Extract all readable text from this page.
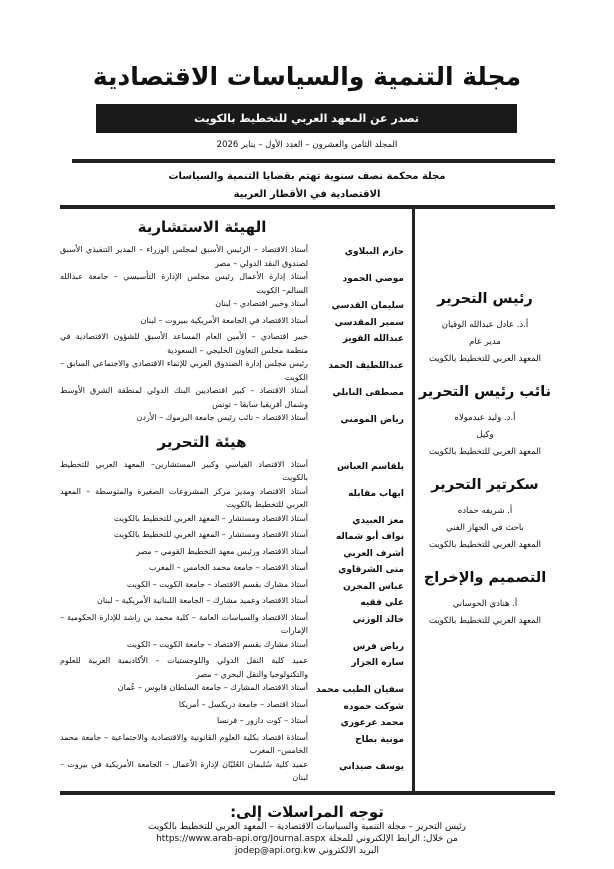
مجلة التنمية والسياسات الاقتصادية
تصدر عن المعهد العربي للتخطيط بالكويت
المجلد الثامن والعشرون – العدد الأول – يناير 2026
مجلة محكمة نصف سنوية تهتم بقضايا التنمية والسياسات
الاقتصادية في الأقطار العربية
رئيس التحرير
أ.د. عادل عبدالله الوقيان
مدير عام
المعهد العربي للتخطيط بالكويت
نائب رئيس التحرير
أ.د. وليد عبدمولاه
وكيل
المعهد العربي للتخطيط بالكويت
سكرتير التحرير
أ. شريفه حماده
باحث في الجهاز الفني
المعهد العربي للتخطيط بالكويت
التصميم والإخراج
أ. هنادي الحوساني
المعهد العربي للتخطيط بالكويت
الهيئة الاستشارية
حازم الببلاوي
أستاذ الاقتصاد – الرئيس الأسبق لمجلس الوزراء – المدير التنفيذي الأسبق لصندوق النقد الدولي – مصر
موضي الحمود
أستاذ إدارة الأعمال رئيس مجلس الإدارة التأسيسي – جامعة عبدالله السالم– الكويت
سليمان القدسي
أستاذ وخبير اقتصادي – لبنان
سمير المقدسي
أستاذ الاقتصاد في الجامعة الأمريكية ببيروت – لبنان
عبدالله القويز
خبير اقتصادي – الأمين العام المساعد الأسبق للشؤون الاقتصادية في منظمة مجلس التعاون الخليجي – السعودية
عبداللطيف الحمد
رئيس مجلس إدارة الصندوق العربي للإنماء الاقتصادي والاجتماعي السابق – الكويت
مصطفى النابلي
أستاذ الاقتصاد – كبير اقتصاديين البنك الدولي لمنطقة الشرق الأوسط وشمال أفريقيا سابقا – تونس
رياض المومني
أستاذ الاقتصاد – نائب رئيس جامعة اليرموك – الأردن
هيئة التحرير
بلقاسم العباس
أستاذ الاقتصاد القياسي وكبير المستشارين– المعهد العربي للتخطيط بالكويت
ايهاب مقابله
أستاذ الاقتصاد ومدير مركز المشروعات الصغيرة والمتوسطة – المعهد العربي للتخطيط بالكويت
معز العبيدي
أستاذ الاقتصاد ومستشار – المعهد العربي للتخطيط بالكويت
نواف أبو شماله
أستاذ الاقتصاد ومستشار – المعهد العربي للتخطيط بالكويت
أشرف العربي
أستاذ الاقتصاد ورئيس معهد التخطيط القومي – مصر
منى الشرقاوي
أستاذ الاقتصاد – جامعة محمد الخامس – المغرب
عباس المجرن
أستاذ مشارك بقسم الاقتصاد – جامعة الكويت – الكويت
علي فقيه
أستاذ الاقتصاد وعميد مشارك – الجامعة اللبنانية الأمريكية – لبنان
خالد الوزني
أستاذ الاقتصاد والسياسات العامة – كلية محمد بن راشد للإدارة الحكومية – الإمارات
رياض فرس
أستاذ مشارك بقسم الاقتصاد – جامعة الكويت – الكويت
ساره الجزار
عميد كلية النقل الدولي واللوجستيات – الأكاديمية العربية للعلوم والتكنولوجيا والنقل البحري – مصر
سفيان الطيب محمد
أستاذ الاقتصاد المشارك – جامعة السلطان قابوس – عُمان
شوكت حموده
أستاذ اقتصاد – جامعة دريكسل – أمريكا
محمد عرعوري
أستاذ – كوت دازور – فرنسا
مونية بطاح
أستاذة اقتصاد بكلية العلوم القانونية والاقتصادية والاجتماعية – جامعة محمد الخامس– المغرب
يوسف صيداني
عميد كلية سُليمان العُليّان لإدارة الأعمال – الجامعة الأمريكية في بيروت – لبنان
توجه المراسلات إلى:
رئيس التحرير – مجلة التنمية والسياسات الاقتصادية – المعهد العربي للتخطيط بالكويت
من خلال: الرابط الإلكتروني للمجلة https://www.arab-api.org/Journal.aspx
البريد الالكتروني jodep@api.org.kw
